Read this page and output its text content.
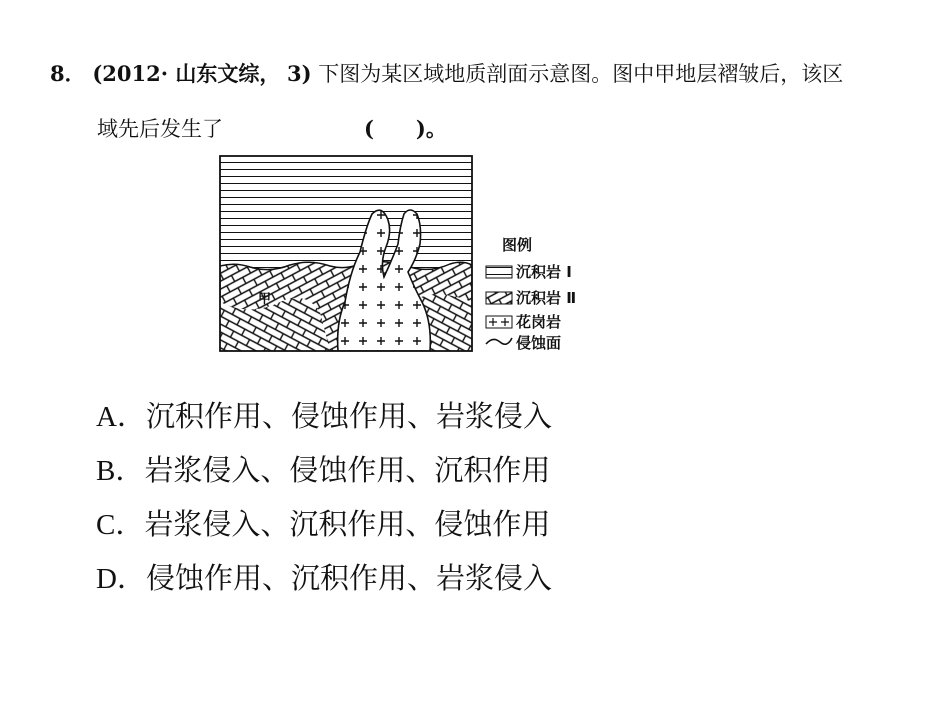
8． (2012· 山东文综， 3) 下图为某区域地质剖面示意图。图中甲地层褶皱后，该区
域先后发生了	(　　)。
甲
图例
沉积岩 Ⅰ
沉积岩 Ⅱ
花岗岩
侵蚀面
A．沉积作用、侵蚀作用、岩浆侵入
B．岩浆侵入、侵蚀作用、沉积作用
C．岩浆侵入、沉积作用、侵蚀作用
D．侵蚀作用、沉积作用、岩浆侵入
